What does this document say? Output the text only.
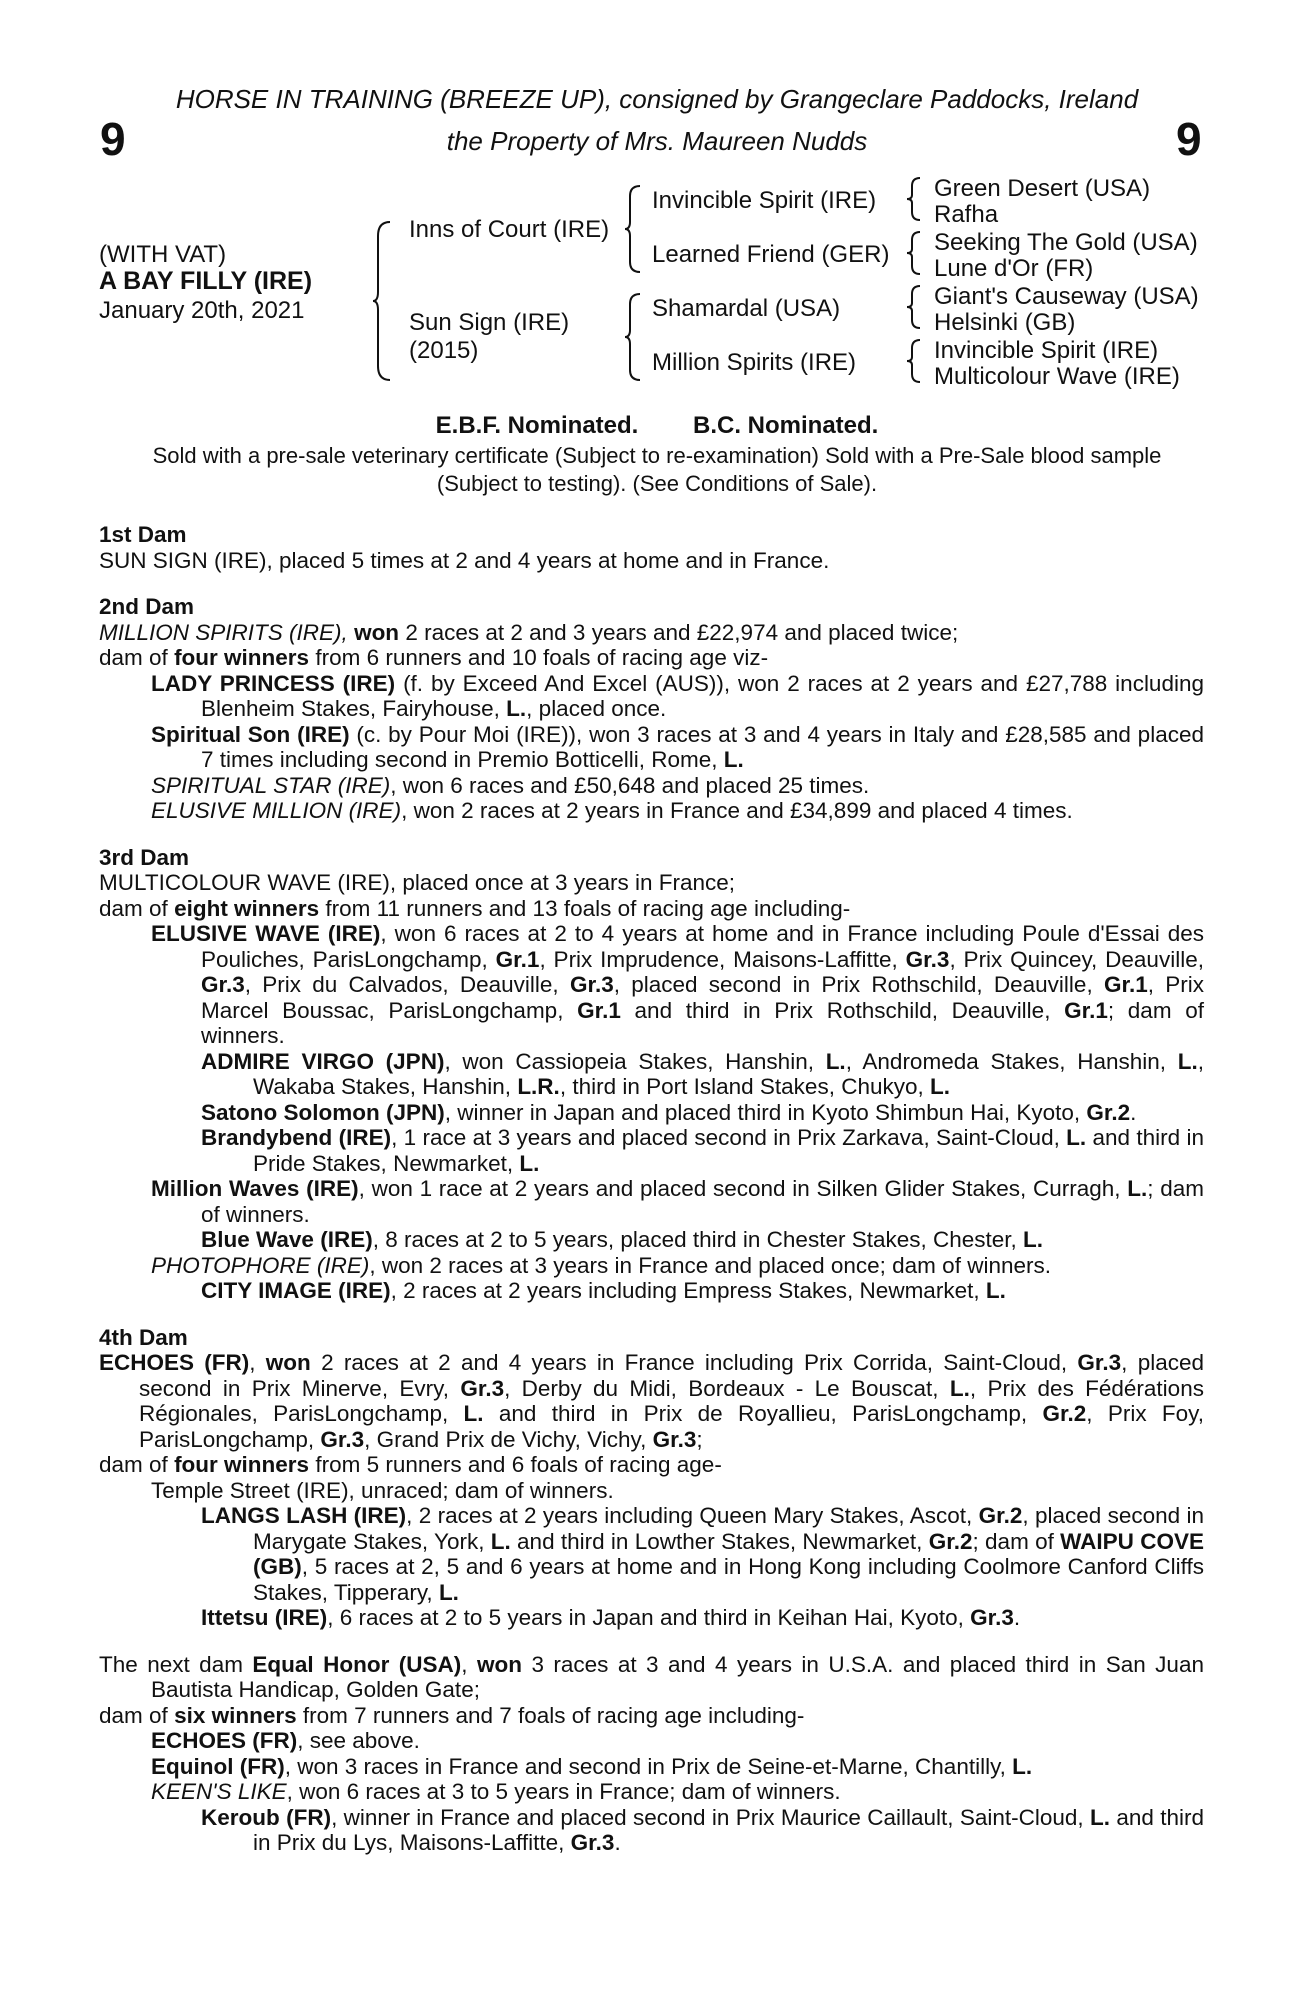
9	9
HORSE IN TRAINING (BREEZE UP), consigned by Grangeclare Paddocks, Ireland
the Property of Mrs. Maureen Nudds
(WITH VAT)
A BAY FILLY (IRE)
January 20th, 2021
Inns of Court (IRE)
Sun Sign (IRE)
(2015)
Invincible Spirit (IRE)
Learned Friend (GER)
Shamardal (USA)
Million Spirits (IRE)
Green Desert (USA)
Rafha
Seeking The Gold (USA)
Lune d'Or (FR)
Giant's Causeway (USA)
Helsinki (GB)
Invincible Spirit (IRE)
Multicolour Wave (IRE)
E.B.F. Nominated. B.C. Nominated.
Sold with a pre-sale veterinary certificate (Subject to re-examination) Sold with a Pre-Sale blood sample (Subject to testing). (See Conditions of Sale).
1st Dam
SUN SIGN (IRE), placed 5 times at 2 and 4 years at home and in France.
2nd Dam
MILLION SPIRITS (IRE), won 2 races at 2 and 3 years and £22,974 and placed twice;
dam of four winners from 6 runners and 10 foals of racing age viz-
LADY PRINCESS (IRE) (f. by Exceed And Excel (AUS)), won 2 races at 2 years and £27,788 including Blenheim Stakes, Fairyhouse, L., placed once.
Spiritual Son (IRE) (c. by Pour Moi (IRE)), won 3 races at 3 and 4 years in Italy and £28,585 and placed 7 times including second in Premio Botticelli, Rome, L.
SPIRITUAL STAR (IRE), won 6 races and £50,648 and placed 25 times.
ELUSIVE MILLION (IRE), won 2 races at 2 years in France and £34,899 and placed 4 times.
3rd Dam
MULTICOLOUR WAVE (IRE), placed once at 3 years in France;
dam of eight winners from 11 runners and 13 foals of racing age including-
ELUSIVE WAVE (IRE), won 6 races at 2 to 4 years at home and in France including Poule d'Essai des Pouliches, ParisLongchamp, Gr.1, Prix Imprudence, Maisons-Laffitte, Gr.3, Prix Quincey, Deauville, Gr.3, Prix du Calvados, Deauville, Gr.3, placed second in Prix Rothschild, Deauville, Gr.1, Prix Marcel Boussac, ParisLongchamp, Gr.1 and third in Prix Rothschild, Deauville, Gr.1; dam of winners.
ADMIRE VIRGO (JPN), won Cassiopeia Stakes, Hanshin, L., Andromeda Stakes, Hanshin, L., Wakaba Stakes, Hanshin, L.R., third in Port Island Stakes, Chukyo, L.
Satono Solomon (JPN), winner in Japan and placed third in Kyoto Shimbun Hai, Kyoto, Gr.2.
Brandybend (IRE), 1 race at 3 years and placed second in Prix Zarkava, Saint-Cloud, L. and third in Pride Stakes, Newmarket, L.
Million Waves (IRE), won 1 race at 2 years and placed second in Silken Glider Stakes, Curragh, L.; dam of winners.
Blue Wave (IRE), 8 races at 2 to 5 years, placed third in Chester Stakes, Chester, L.
PHOTOPHORE (IRE), won 2 races at 3 years in France and placed once; dam of winners.
CITY IMAGE (IRE), 2 races at 2 years including Empress Stakes, Newmarket, L.
4th Dam
ECHOES (FR), won 2 races at 2 and 4 years in France including Prix Corrida, Saint-Cloud, Gr.3, placed second in Prix Minerve, Evry, Gr.3, Derby du Midi, Bordeaux - Le Bouscat, L., Prix des Fédérations Régionales, ParisLongchamp, L. and third in Prix de Royallieu, ParisLongchamp, Gr.2, Prix Foy, ParisLongchamp, Gr.3, Grand Prix de Vichy, Vichy, Gr.3;
dam of four winners from 5 runners and 6 foals of racing age-
Temple Street (IRE), unraced; dam of winners.
LANGS LASH (IRE), 2 races at 2 years including Queen Mary Stakes, Ascot, Gr.2, placed second in Marygate Stakes, York, L. and third in Lowther Stakes, Newmarket, Gr.2; dam of WAIPU COVE (GB), 5 races at 2, 5 and 6 years at home and in Hong Kong including Coolmore Canford Cliffs Stakes, Tipperary, L.
Ittetsu (IRE), 6 races at 2 to 5 years in Japan and third in Keihan Hai, Kyoto, Gr.3.
The next dam Equal Honor (USA), won 3 races at 3 and 4 years in U.S.A. and placed third in San Juan Bautista Handicap, Golden Gate;
dam of six winners from 7 runners and 7 foals of racing age including-
ECHOES (FR), see above.
Equinol (FR), won 3 races in France and second in Prix de Seine-et-Marne, Chantilly, L.
KEEN'S LIKE, won 6 races at 3 to 5 years in France; dam of winners.
Keroub (FR), winner in France and placed second in Prix Maurice Caillault, Saint-Cloud, L. and third in Prix du Lys, Maisons-Laffitte, Gr.3.
